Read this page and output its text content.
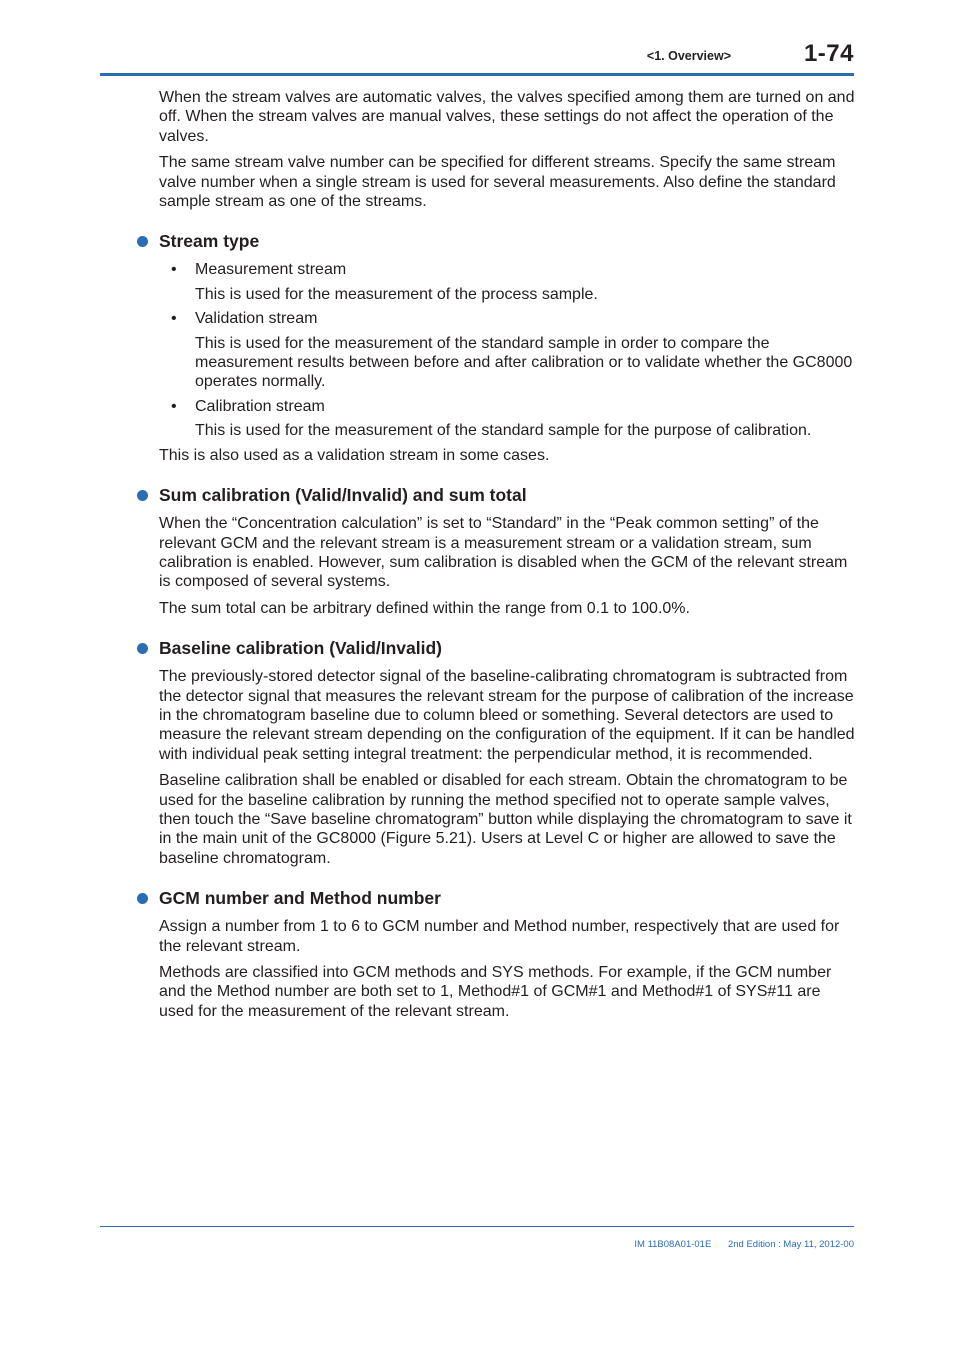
<1. Overview>	1-74

When the stream valves are automatic valves, the valves specified among them are turned on and off. When the stream valves are manual valves, these settings do not affect the operation of the valves.

The same stream valve number can be specified for different streams. Specify the same stream valve number when a single stream is used for several measurements. Also define the standard sample stream as one of the streams.

Stream type
• Measurement stream
This is used for the measurement of the process sample.
• Validation stream
This is used for the measurement of the standard sample in order to compare the measurement results between before and after calibration or to validate whether the GC8000 operates normally.
• Calibration stream
This is used for the measurement of the standard sample for the purpose of calibration.

This is also used as a validation stream in some cases.

Sum calibration (Valid/Invalid) and sum total

When the “Concentration calculation” is set to “Standard” in the “Peak common setting” of the relevant GCM and the relevant stream is a measurement stream or a validation stream, sum calibration is enabled. However, sum calibration is disabled when the GCM of the relevant stream is composed of several systems.

The sum total can be arbitrary defined within the range from 0.1 to 100.0%.

Baseline calibration (Valid/Invalid)

The previously-stored detector signal of the baseline-calibrating chromatogram is subtracted from the detector signal that measures the relevant stream for the purpose of calibration of the increase in the chromatogram baseline due to column bleed or something. Several detectors are used to measure the relevant stream depending on the configuration of the equipment. If it can be handled with individual peak setting integral treatment: the perpendicular method, it is recommended.

Baseline calibration shall be enabled or disabled for each stream. Obtain the chromatogram to be used for the baseline calibration by running the method specified not to operate sample valves, then touch the “Save baseline chromatogram” button while displaying the chromatogram to save it in the main unit of the GC8000 (Figure 5.21). Users at Level C or higher are allowed to save the baseline chromatogram.

GCM number and Method number

Assign a number from 1 to 6 to GCM number and Method number, respectively that are used for the relevant stream.

Methods are classified into GCM methods and SYS methods. For example, if the GCM number and the Method number are both set to 1, Method#1 of GCM#1 and Method#1 of SYS#11 are used for the measurement of the relevant stream.

IM 11B08A01-01E 2nd Edition : May 11, 2012-00
